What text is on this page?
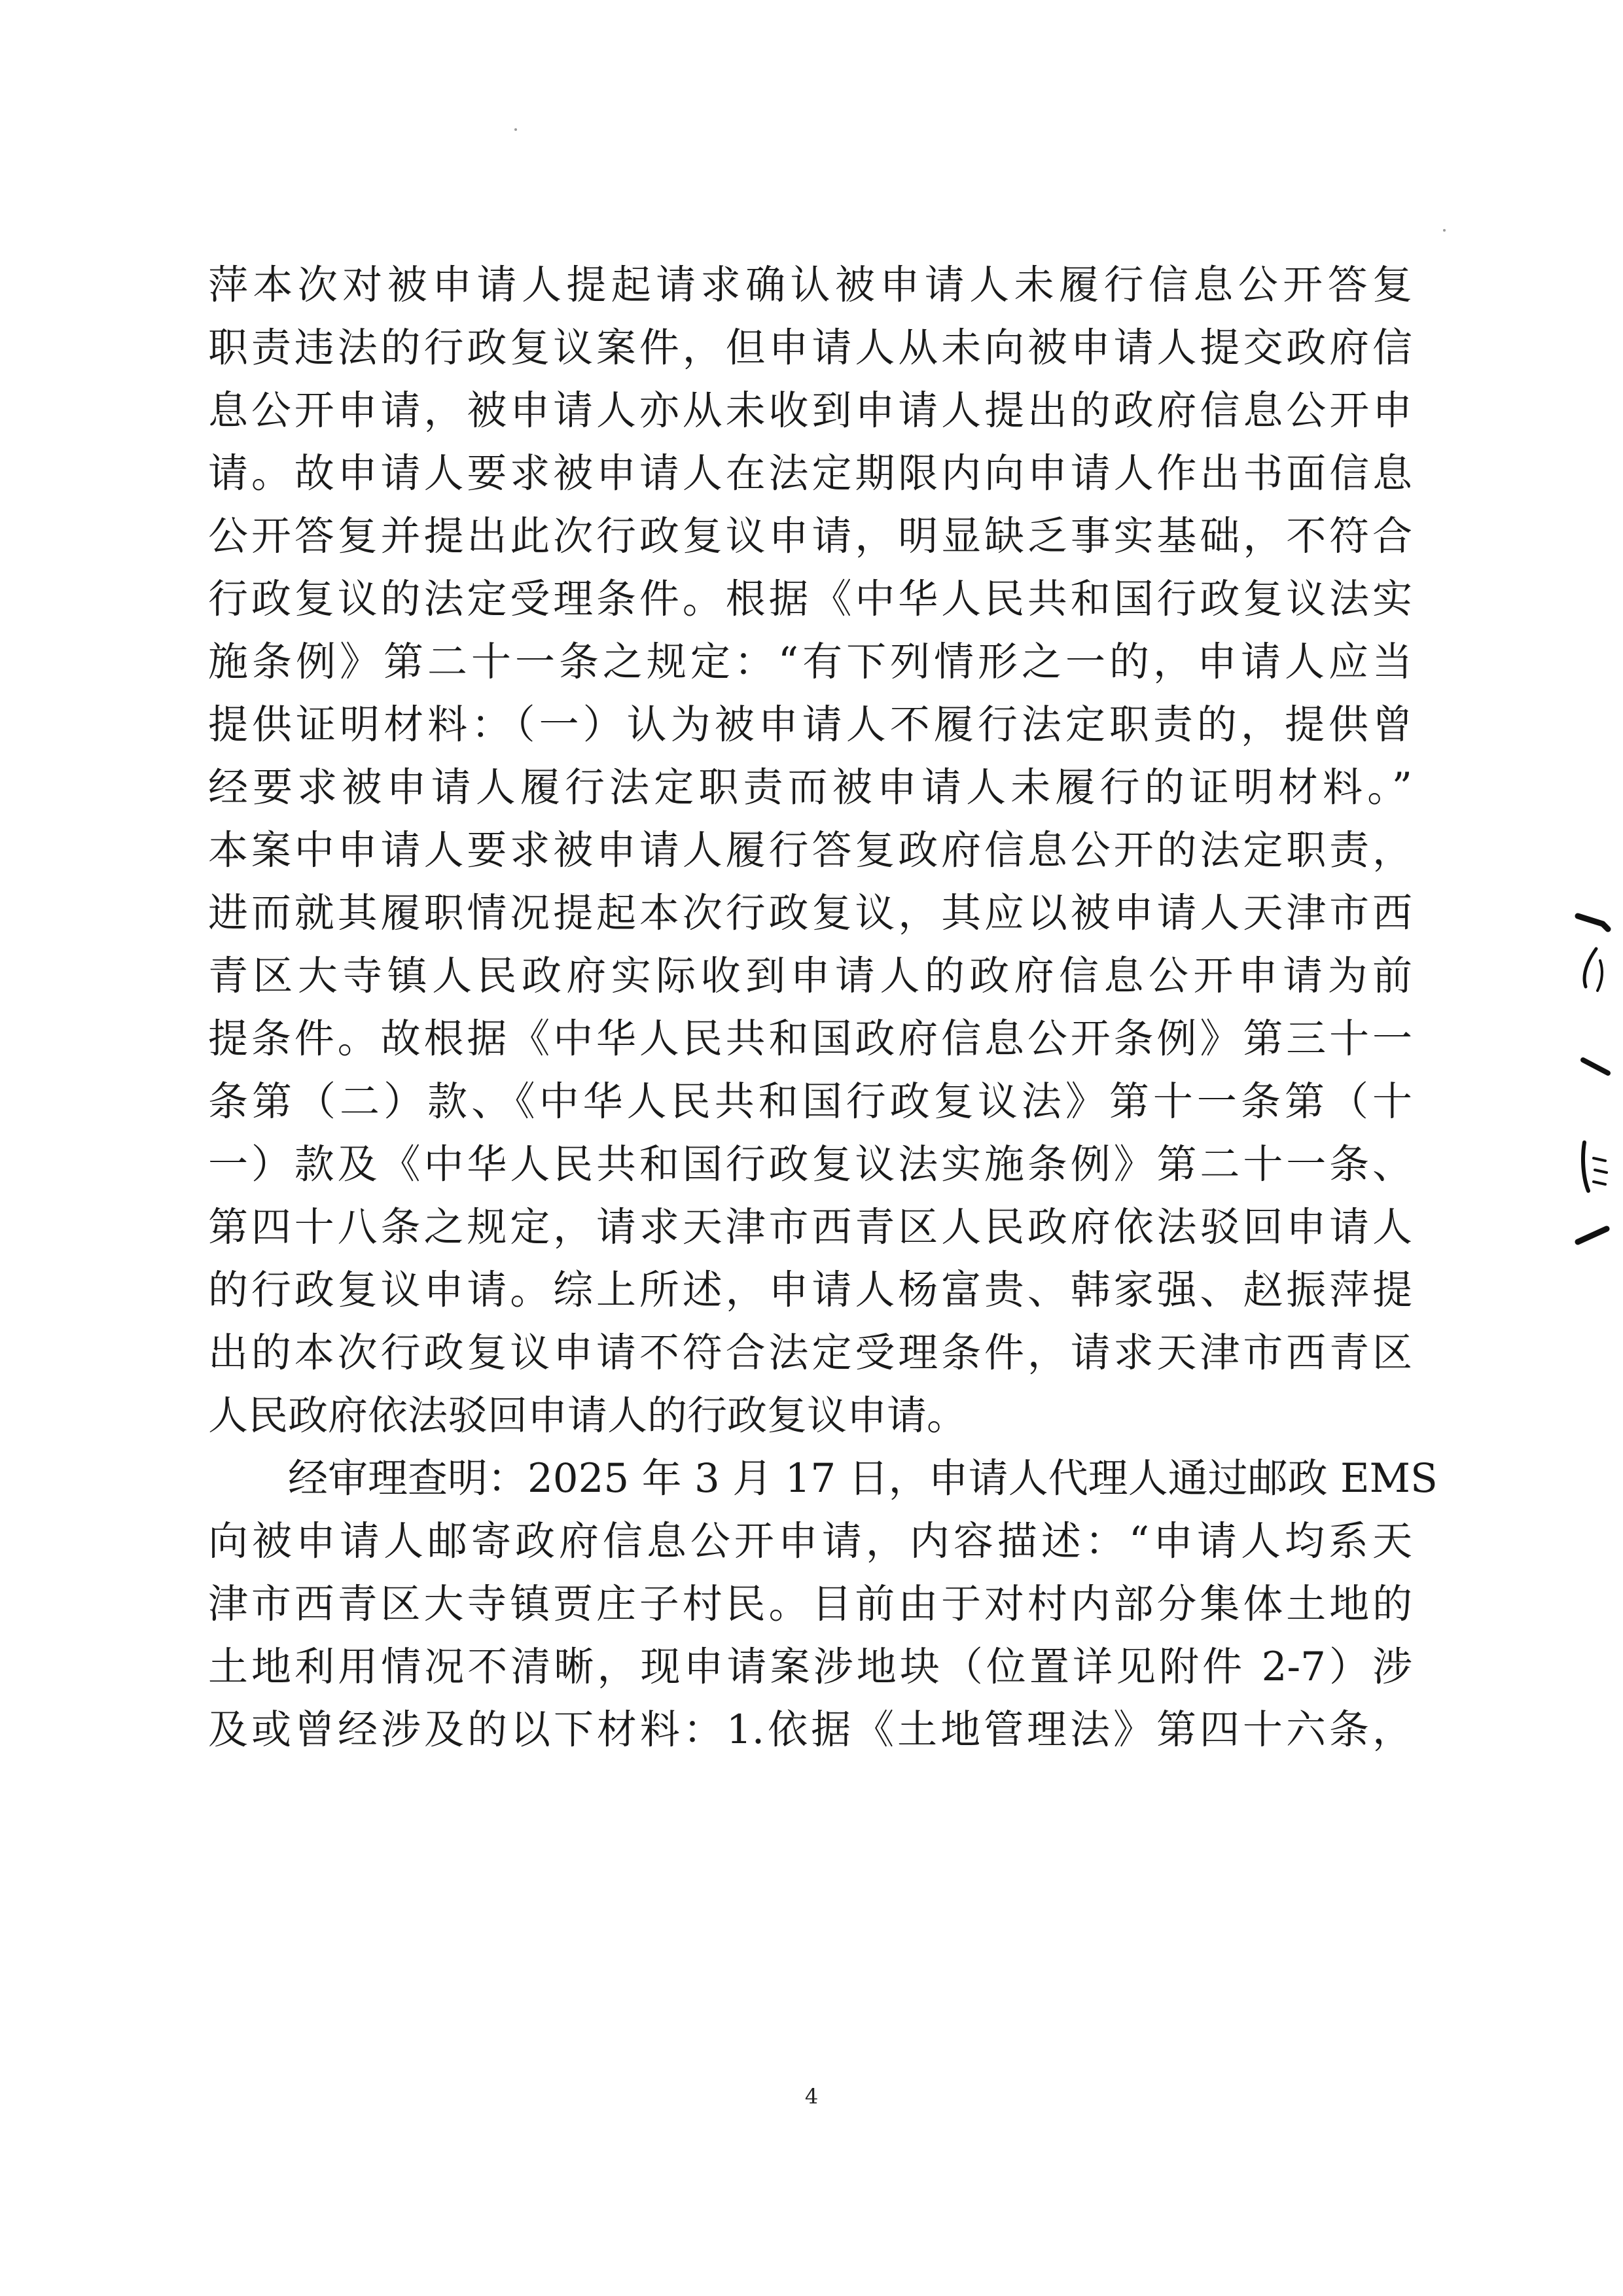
萍本次对被申请人提起请求确认被申请人未履行信息公开答复
职责违法的行政复议案件，但申请人从未向被申请人提交政府信
息公开申请，被申请人亦从未收到申请人提出的政府信息公开申
请。故申请人要求被申请人在法定期限内向申请人作出书面信息
公开答复并提出此次行政复议申请，明显缺乏事实基础，不符合
行政复议的法定受理条件。根据《中华人民共和国行政复议法实
施条例》第二十一条之规定：“有下列情形之一的，申请人应当
提供证明材料：（一）认为被申请人不履行法定职责的，提供曾
经要求被申请人履行法定职责而被申请人未履行的证明材料。”
本案中申请人要求被申请人履行答复政府信息公开的法定职责，
进而就其履职情况提起本次行政复议，其应以被申请人天津市西
青区大寺镇人民政府实际收到申请人的政府信息公开申请为前
提条件。故根据《中华人民共和国政府信息公开条例》第三十一
条第（二）款、《中华人民共和国行政复议法》第十一条第（十
一）款及《中华人民共和国行政复议法实施条例》第二十一条、
第四十八条之规定，请求天津市西青区人民政府依法驳回申请人
的行政复议申请。综上所述，申请人杨富贵、韩家强、赵振萍提
出的本次行政复议申请不符合法定受理条件，请求天津市西青区
人民政府依法驳回申请人的行政复议申请。
经审理查明：2025 年 3 月 17 日，申请人代理人通过邮政 EMS
向被申请人邮寄政府信息公开申请，内容描述：“申请人均系天
津市西青区大寺镇贾庄子村民。目前由于对村内部分集体土地的
土地利用情况不清晰，现申请案涉地块（位置详见附件 2-7）涉
及或曾经涉及的以下材料：1.依据《土地管理法》第四十六条，
4
